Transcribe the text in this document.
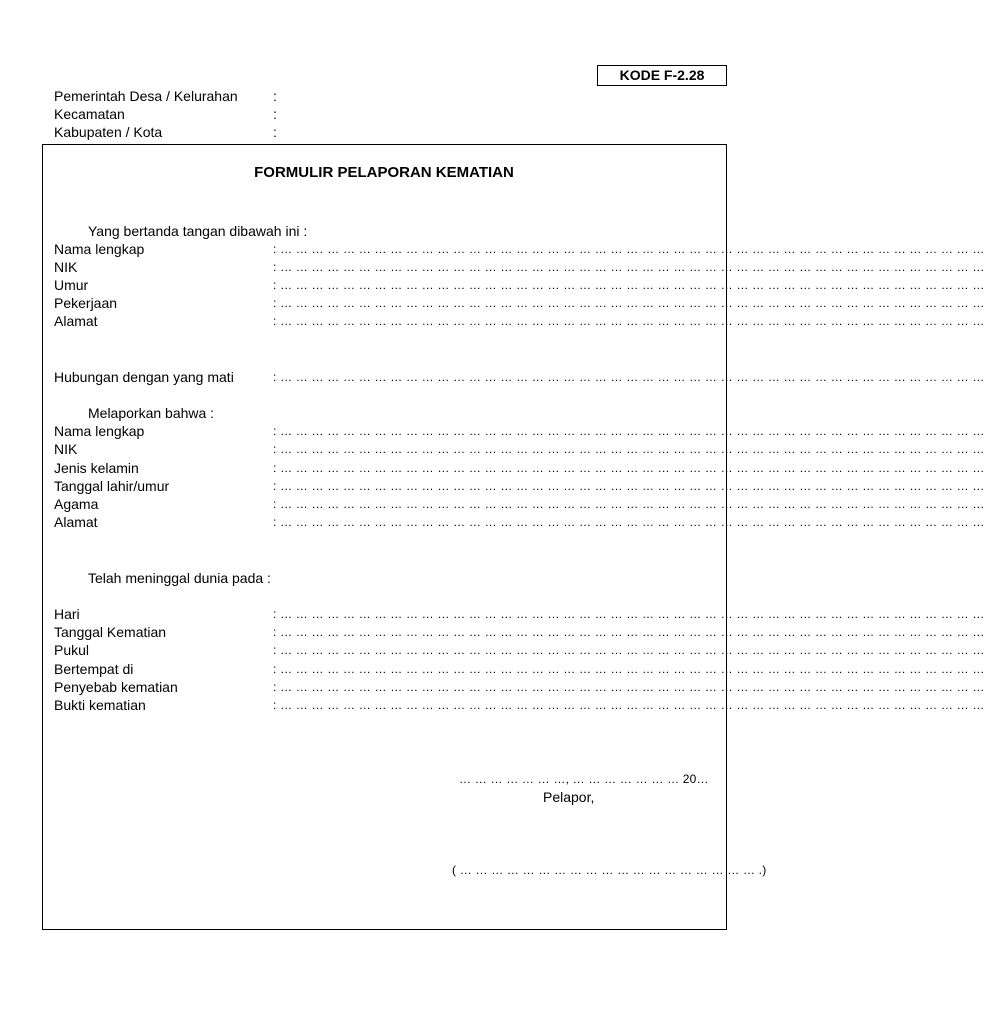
KODE F-2.28
Pemerintah Desa / Kelurahan	:
Kecamatan	:
Kabupaten / Kota	:
FORMULIR PELAPORAN KEMATIAN
Yang bertanda tangan dibawah ini :
Nama lengkap	: … … … … … … … … … … … … … … … … … … … … … … … … … … … … … … … … … … … … … … … … … … … … …
NIK	: … … … … … … … … … … … … … … … … … … … … … … … … … … … … … … … … … … … … … … … … … … … … …
Umur	: … … … … … … … … … … … … … … … … … … … … … … … … … … … … … … … … … … … … … … … … … … … … …
Pekerjaan	: … … … … … … … … … … … … … … … … … … … … … … … … … … … … … … … … … … … … … … … … … … … … …
Alamat	: … … … … … … … … … … … … … … … … … … … … … … … … … … … … … … … … … … … … … … … … … … … … …
Hubungan dengan yang mati	: … … … … … … … … … … … … … … … … … … … … … … … … … … … … … … … … … … … … … … … … … … … … …
Melaporkan bahwa :
Nama lengkap	: … … … … … … … … … … … … … … … … … … … … … … … … … … … … … … … … … … … … … … … … … … … … …
NIK	: … … … … … … … … … … … … … … … … … … … … … … … … … … … … … … … … … … … … … … … … … … … … …
Jenis kelamin	: … … … … … … … … … … … … … … … … … … … … … … … … … … … … … … … … … … … … … … … … … … … … …
Tanggal lahir/umur	: … … … … … … … … … … … … … … … … … … … … … … … … … … … … … … … … … … … … … … … … … … … … …
Agama	: … … … … … … … … … … … … … … … … … … … … … … … … … … … … … … … … … … … … … … … … … … … … …
Alamat	: … … … … … … … … … … … … … … … … … … … … … … … … … … … … … … … … … … … … … … … … … … … … …
Telah meninggal dunia pada :
Hari	: … … … … … … … … … … … … … … … … … … … … … … … … … … … … … … … … … … … … … … … … … … … … …
Tanggal Kematian	: … … … … … … … … … … … … … … … … … … … … … … … … … … … … … … … … … … … … … … … … … … … … …
Pukul	: … … … … … … … … … … … … … … … … … … … … … … … … … … … … … … … … … … … … … … … … … … … … …
Bertempat di	: … … … … … … … … … … … … … … … … … … … … … … … … … … … … … … … … … … … … … … … … … … … … …
Penyebab kematian	: … … … … … … … … … … … … … … … … … … … … … … … … … … … … … … … … … … … … … … … … … … … … …
Bukti kematian	: … … … … … … … … … … … … … … … … … … … … … … … … … … … … … … … … … … … … … … … … … … … … …
… … … … … … …, … … … … … … … 20…
Pelapor,
( … … … … … … … … … … … … … … … … … … … .)
